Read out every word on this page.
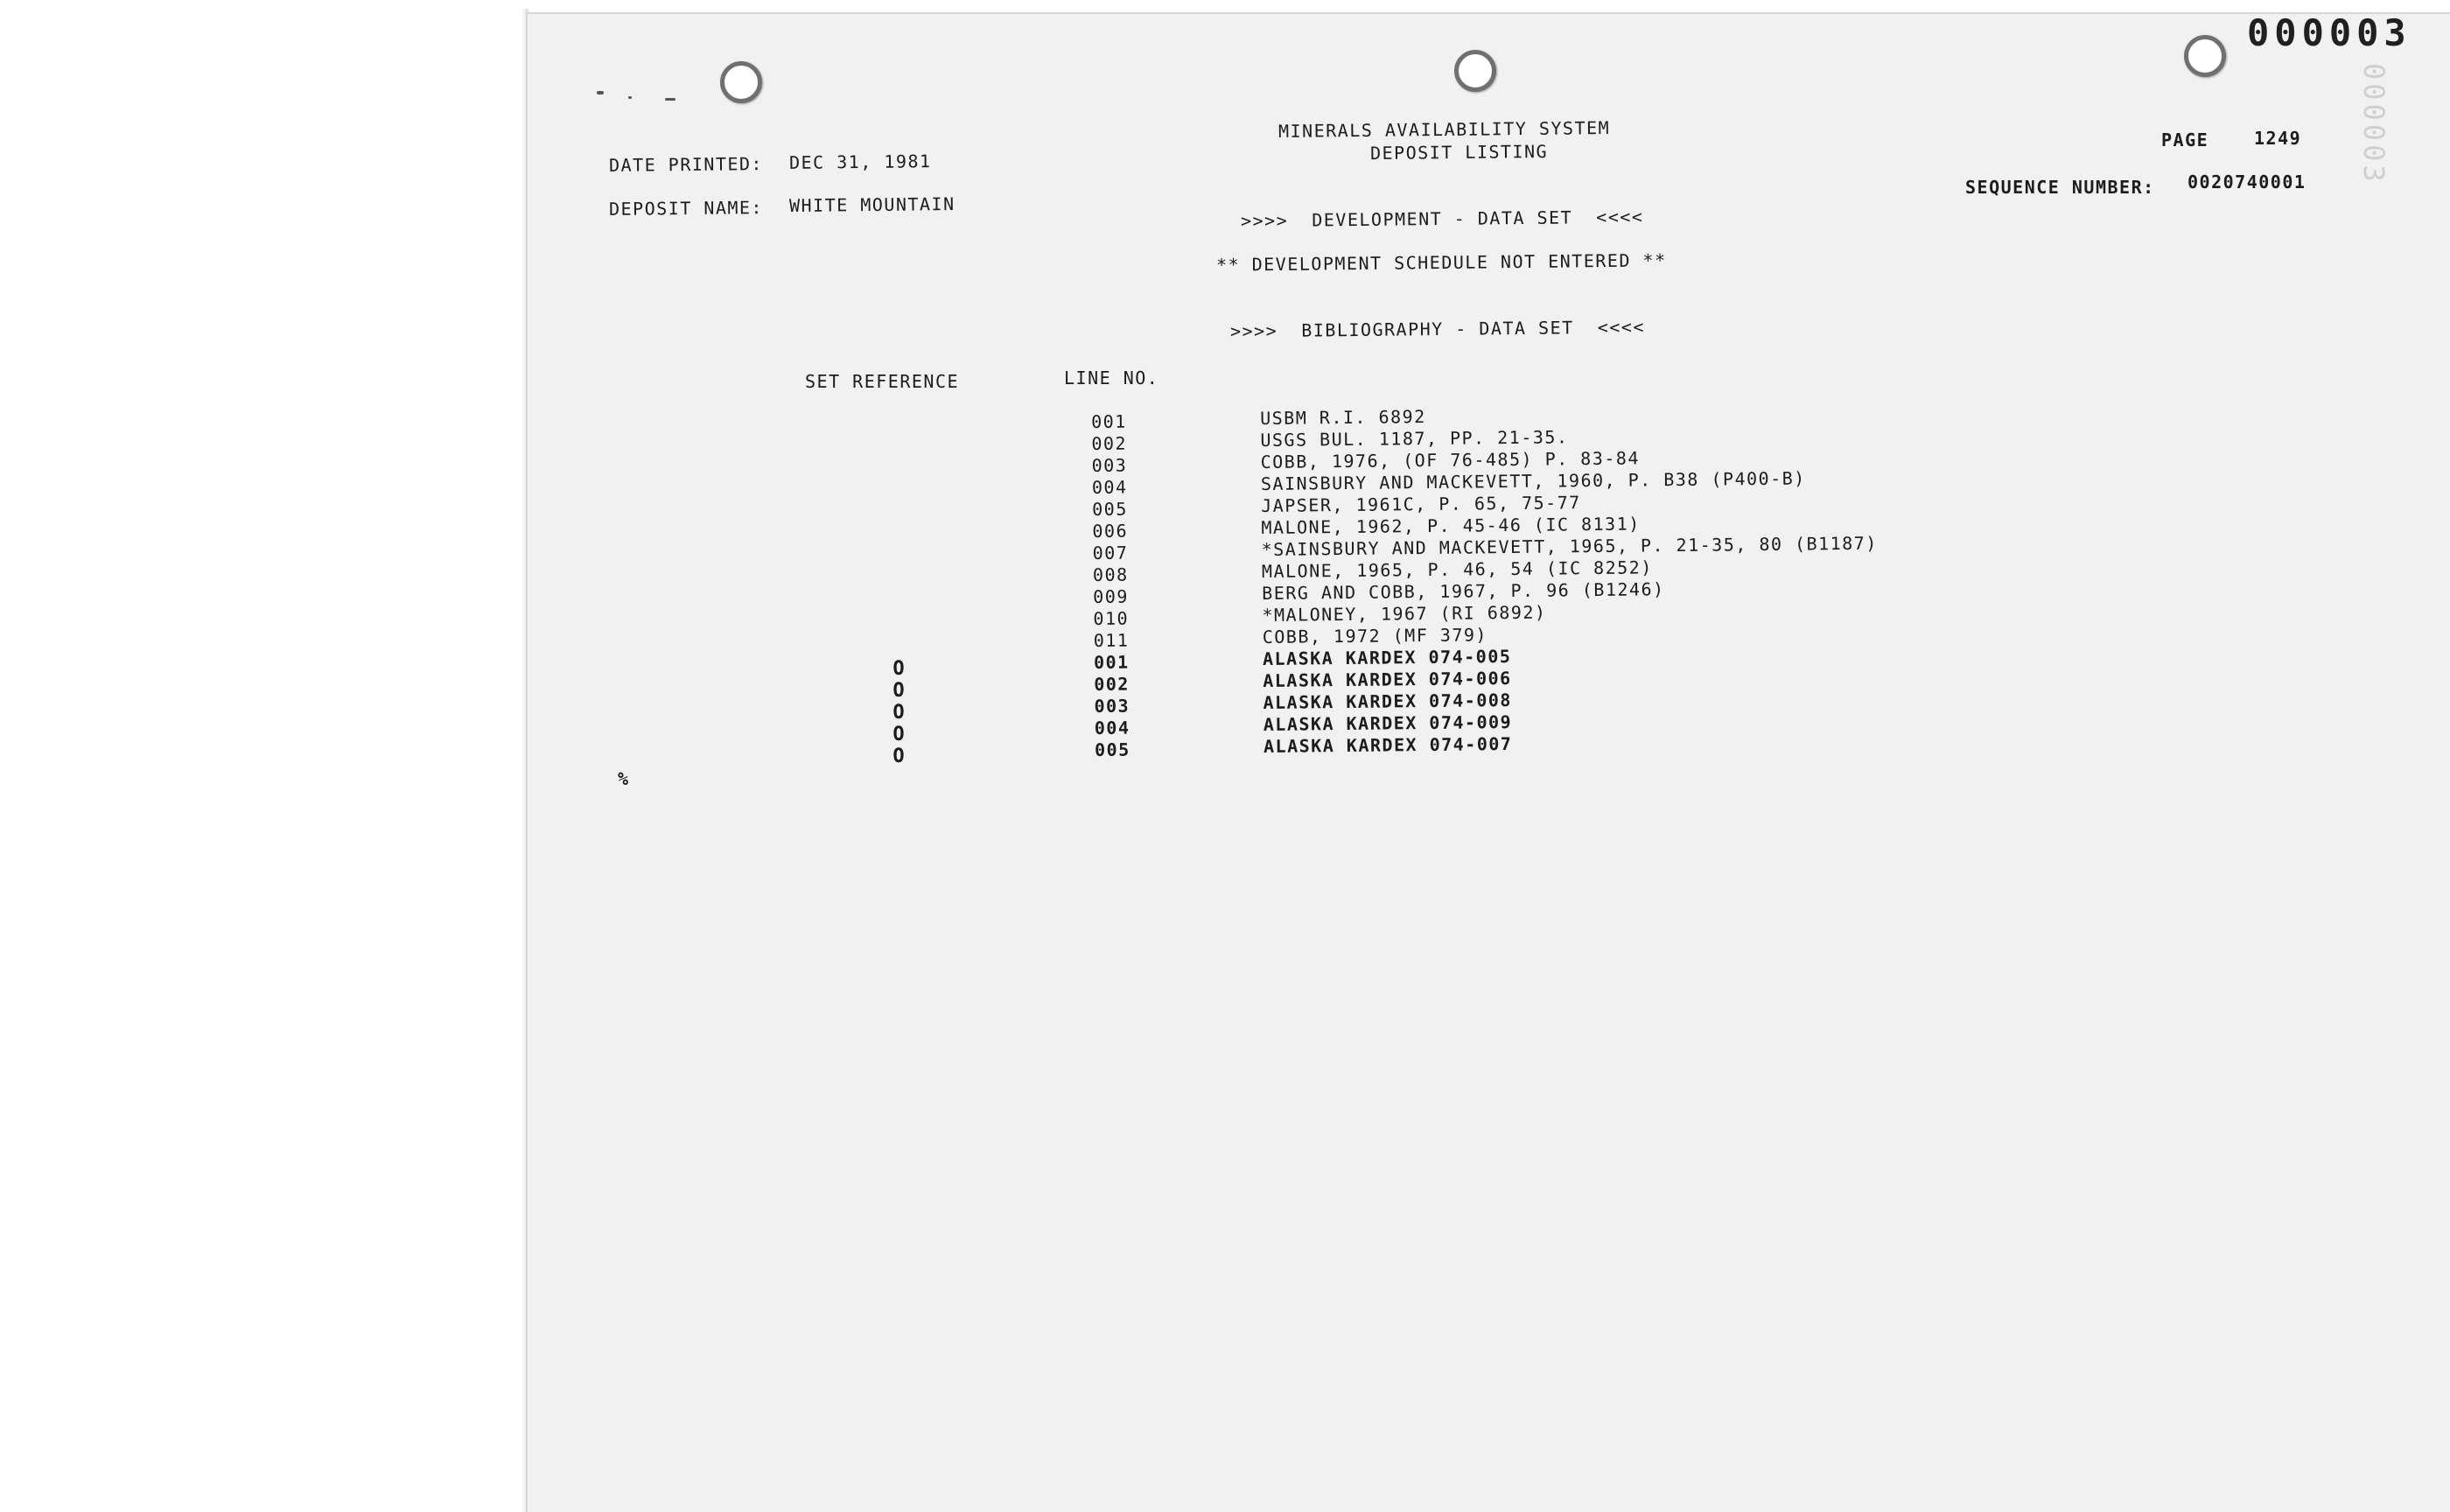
000003
000003
MINERALS AVAILABILITY SYSTEM
DEPOSIT LISTING
PAGE	1249
DATE PRINTED: DEC 31, 1981
SEQUENCE NUMBER: 0020740001
DEPOSIT NAME: WHITE MOUNTAIN
>>>>  DEVELOPMENT - DATA SET  <<<<
** DEVELOPMENT SCHEDULE NOT ENTERED **
>>>>  BIBLIOGRAPHY - DATA SET  <<<<
SET REFERENCE	LINE NO.
O
O
O
O
O
001
002
003
004
005
006
007
008
009
010
011
001
002
003
004
005
USBM R.I. 6892
USGS BUL. 1187, PP. 21-35.
COBB, 1976, (OF 76-485) P. 83-84
SAINSBURY AND MACKEVETT, 1960, P. B38 (P400-B)
JAPSER, 1961C, P. 65, 75-77
MALONE, 1962, P. 45-46 (IC 8131)
*SAINSBURY AND MACKEVETT, 1965, P. 21-35, 80 (B1187)
MALONE, 1965, P. 46, 54 (IC 8252)
BERG AND COBB, 1967, P. 96 (B1246)
*MALONEY, 1967 (RI 6892)
COBB, 1972 (MF 379)
ALASKA KARDEX 074-005
ALASKA KARDEX 074-006
ALASKA KARDEX 074-008
ALASKA KARDEX 074-009
ALASKA KARDEX 074-007
%
